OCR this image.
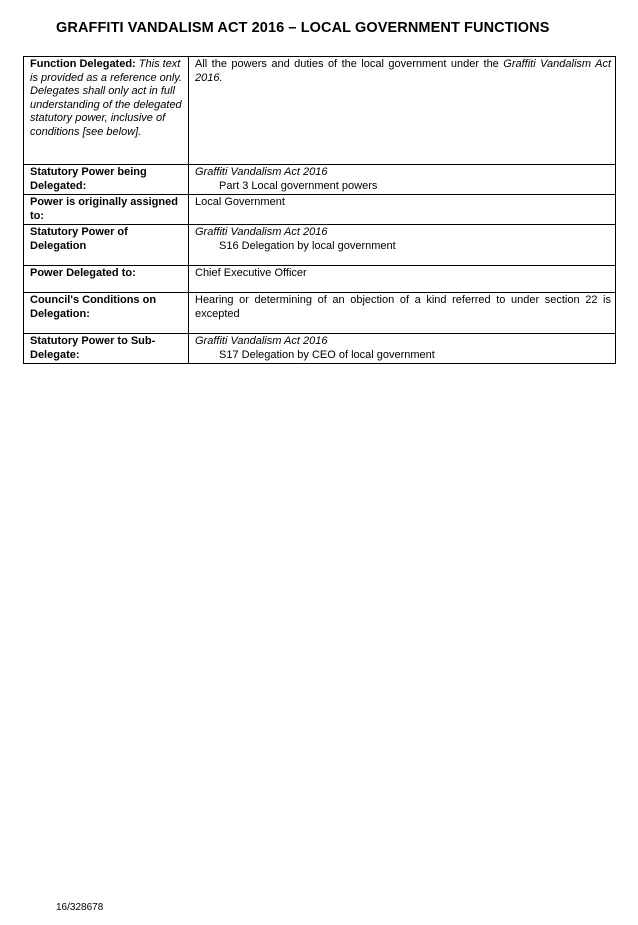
GRAFFITI VANDALISM ACT 2016 – LOCAL GOVERNMENT FUNCTIONS
Function Delegated: This text is provided as a reference only. Delegates shall only act in full understanding of the delegated statutory power, inclusive of conditions [see below].	All the powers and duties of the local government under the Graffiti Vandalism Act 2016.
Statutory Power being Delegated:	Graffiti Vandalism Act 2016
Part 3 Local government powers

Power is originally assigned to:	Local Government
Statutory Power of Delegation	Graffiti Vandalism Act 2016
S16 Delegation by local government

Power Delegated to:	Chief Executive Officer
Council's Conditions on Delegation:	Hearing or determining of an objection of a kind referred to under section 22 is excepted
Statutory Power to Sub-Delegate:	Graffiti Vandalism Act 2016
S17 Delegation by CEO of local government
16/328678
